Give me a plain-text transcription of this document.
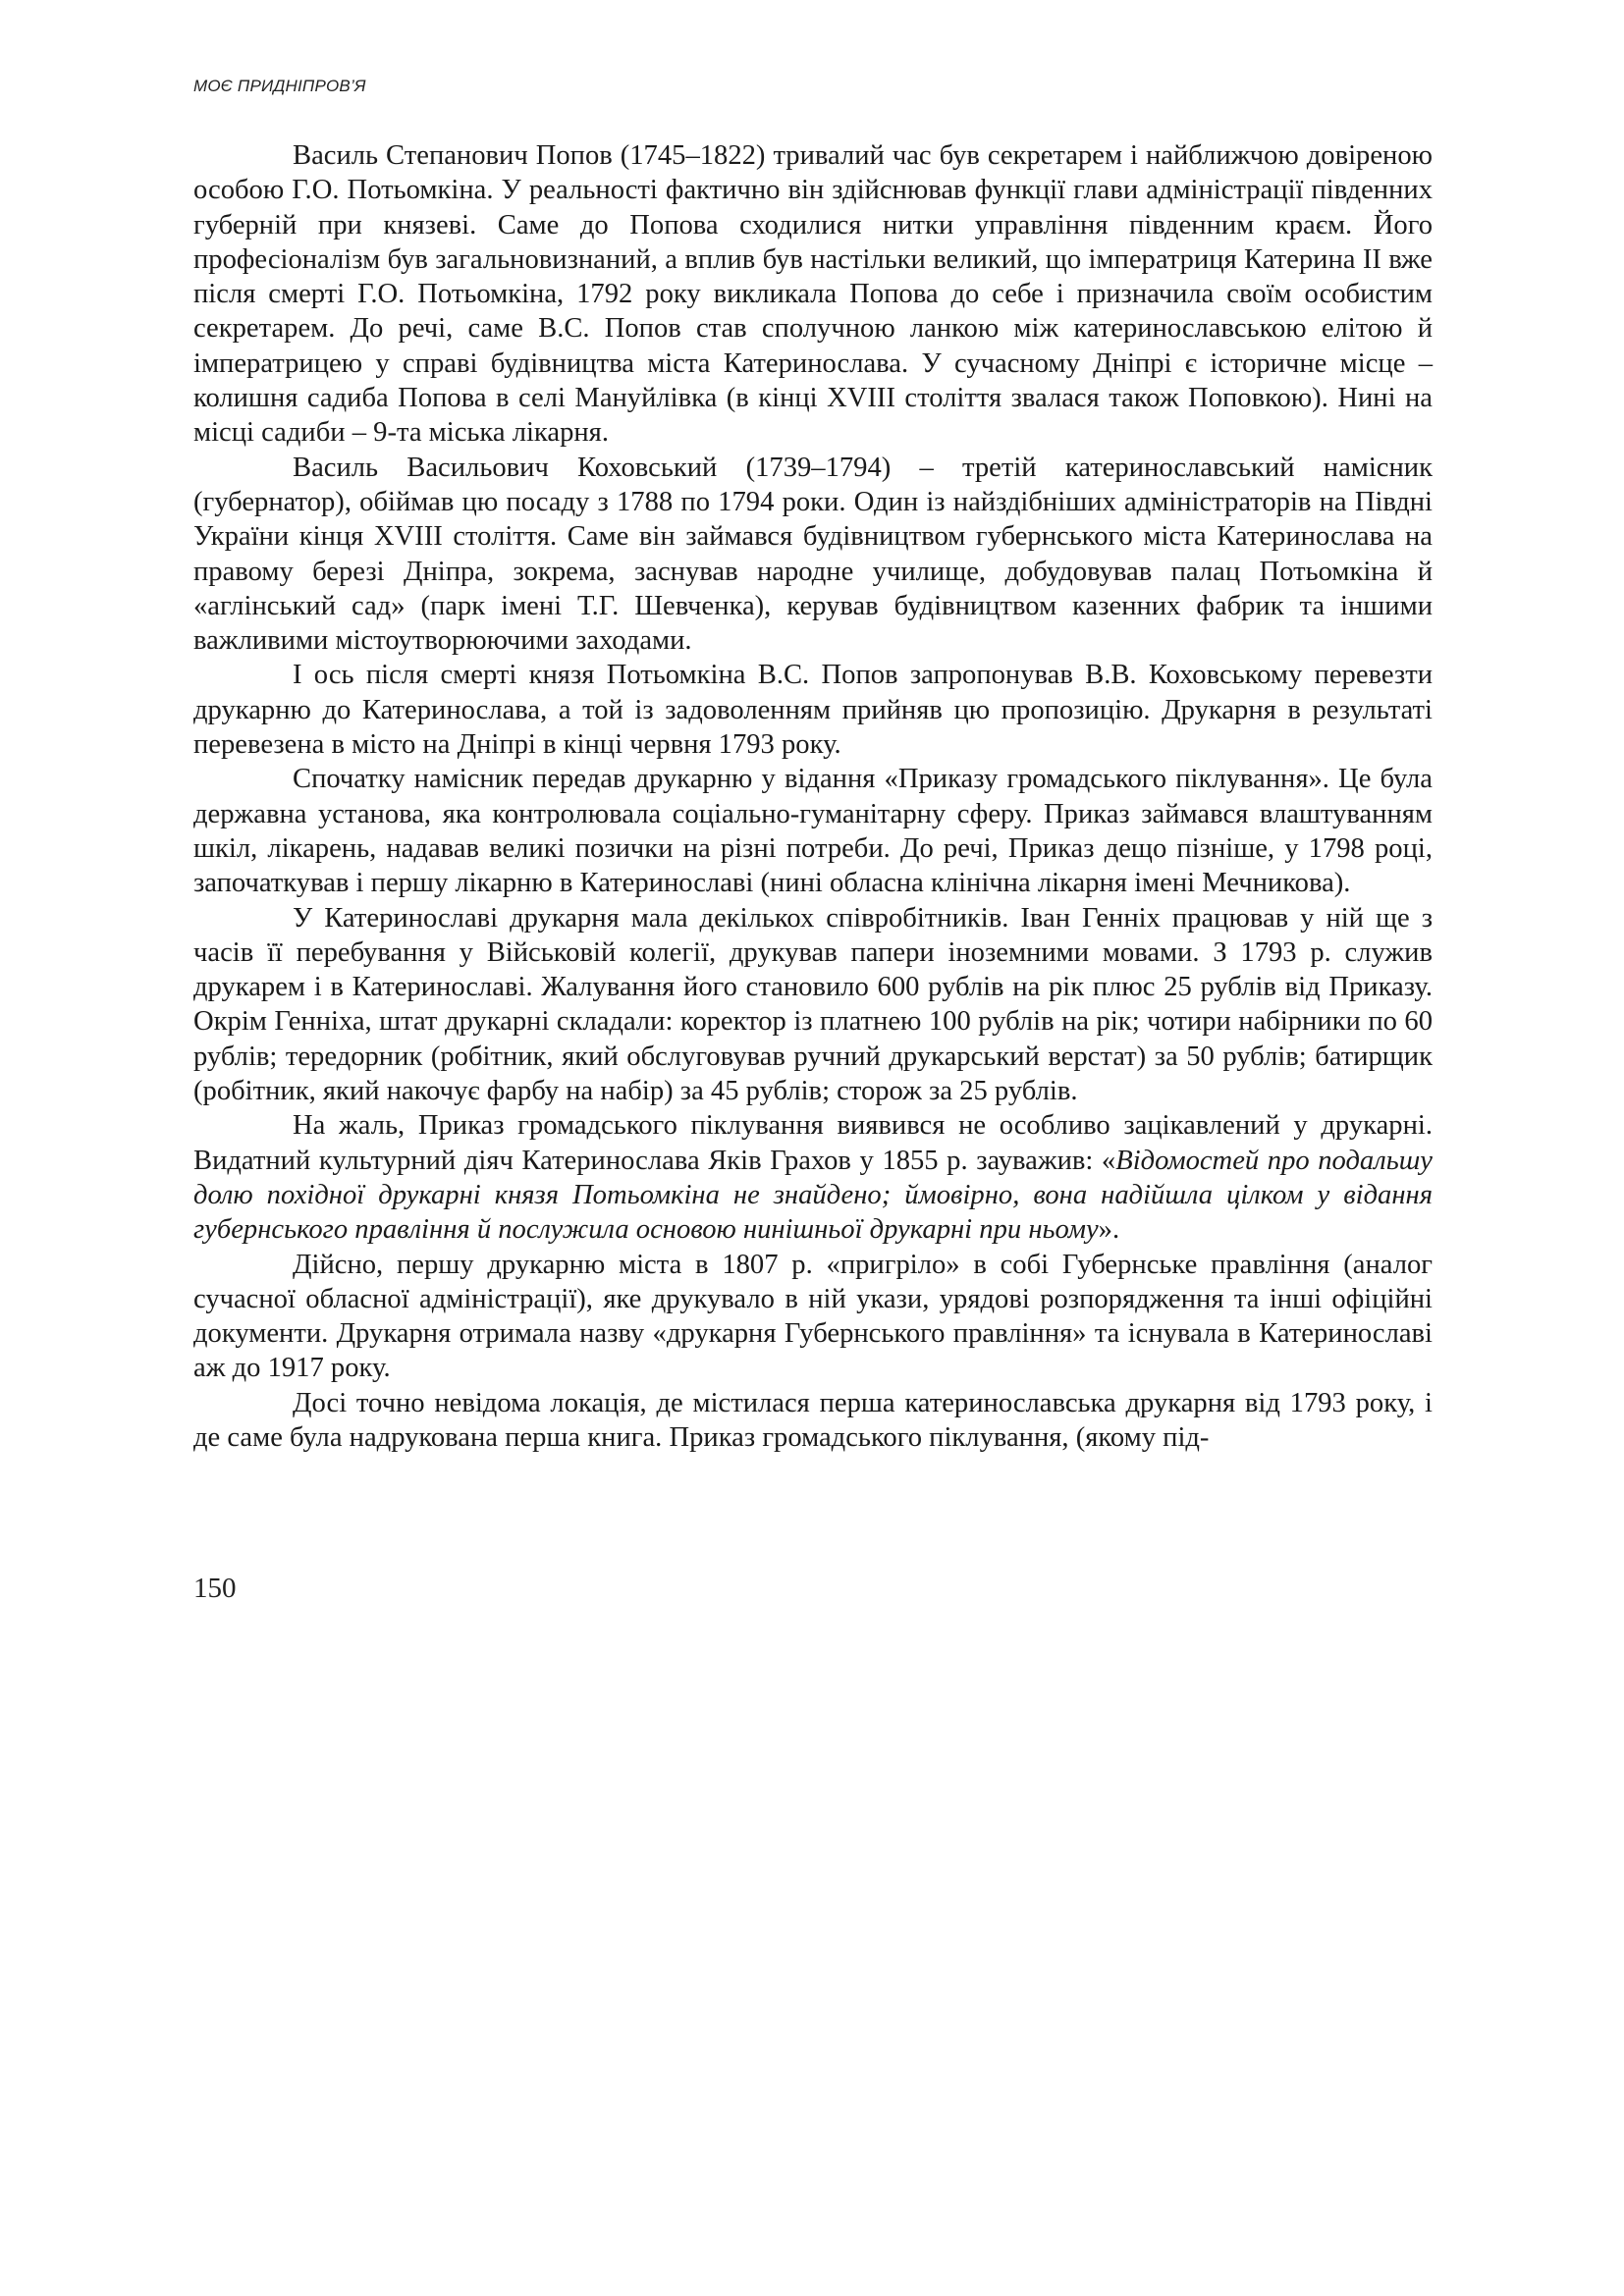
МОЄ ПРИДНІПРОВ’Я

Василь Степанович Попов (1745–1822) тривалий час був секретарем і найближчою довіреною особою Г.О. Потьомкіна. У реальності фактично він здійснював функції глави адміністрації південних губерній при князеві. Саме до Попова сходилися нитки управління південним краєм. Його професіоналізм був загальновизнаний, а вплив був настільки великий, що імператриця Катерина II вже після смерті Г.О. Потьомкіна, 1792 року викликала Попова до себе і призначила своїм особистим секретарем. До речі, саме В.С. Попов став сполучною ланкою між катеринославською елітою й імператрицею у справі будівництва міста Катеринослава. У сучасному Дніпрі є історичне місце – колишня садиба Попова в селі Мануйлівка (в кінці XVIII століття звалася також Поповкою). Нині на місці садиби – 9-та міська лікарня.

Василь Васильович Коховський (1739–1794) – третій катеринославський намісник (губернатор), обіймав цю посаду з 1788 по 1794 роки. Один із найздібніших адміністраторів на Півдні України кінця XVIII століття. Саме він займався будівництвом губернського міста Катеринослава на правому березі Дніпра, зокрема, заснував народне училище, добудовував палац Потьомкіна й «аглінський сад» (парк імені Т.Г. Шевченка), керував будівництвом казенних фабрик та іншими важливими містоутворюючими заходами.

І ось після смерті князя Потьомкіна В.С. Попов запропонував В.В. Коховському перевезти друкарню до Катеринослава, а той із задоволенням прийняв цю пропозицію. Друкарня в результаті перевезена в місто на Дніпрі в кінці червня 1793 року.

Спочатку намісник передав друкарню у відання «Приказу громадського піклування». Це була державна установа, яка контролювала соціально-гуманітарну сферу. Приказ займався влаштуванням шкіл, лікарень, надавав великі позички на різні потреби. До речі, Приказ дещо пізніше, у 1798 році, започаткував і першу лікарню в Катеринославі (нині обласна клінічна лікарня імені Мечникова).

У Катеринославі друкарня мала декількох співробітників. Іван Генніх працював у ній ще з часів її перебування у Військовій колегії, друкував папери іноземними мовами. З 1793 р. служив друкарем і в Катеринославі. Жалування його становило 600 рублів на рік плюс 25 рублів від Приказу. Окрім Генніха, штат друкарні складали: коректор із платнею 100 рублів на рік; чотири набірники по 60 рублів; тередорник (робітник, який обслуговував ручний друкарський верстат) за 50 рублів; батирщик (робітник, який накочує фарбу на набір) за 45 рублів; сторож за 25 рублів.

На жаль, Приказ громадського піклування виявився не особливо зацікавлений у друкарні. Видатний культурний діяч Катеринослава Яків Грахов у 1855 р. зауважив: «Відомостей про подальшу долю похідної друкарні князя Потьомкіна не знайдено; ймовірно, вона надійшла цілком у відання губернського правління й послужила основою нинішньої друкарні при ньому».

Дійсно, першу друкарню міста в 1807 р. «пригріло» в собі Губернське правління (аналог сучасної обласної адміністрації), яке друкувало в ній укази, урядові розпорядження та інші офіційні документи. Друкарня отримала назву «друкарня Губернського правління» та існувала в Катеринославі аж до 1917 року.

Досі точно невідома локація, де містилася перша катеринославська друкарня від 1793 року, і де саме була надрукована перша книга. Приказ громадського піклування, (якому під-

150
